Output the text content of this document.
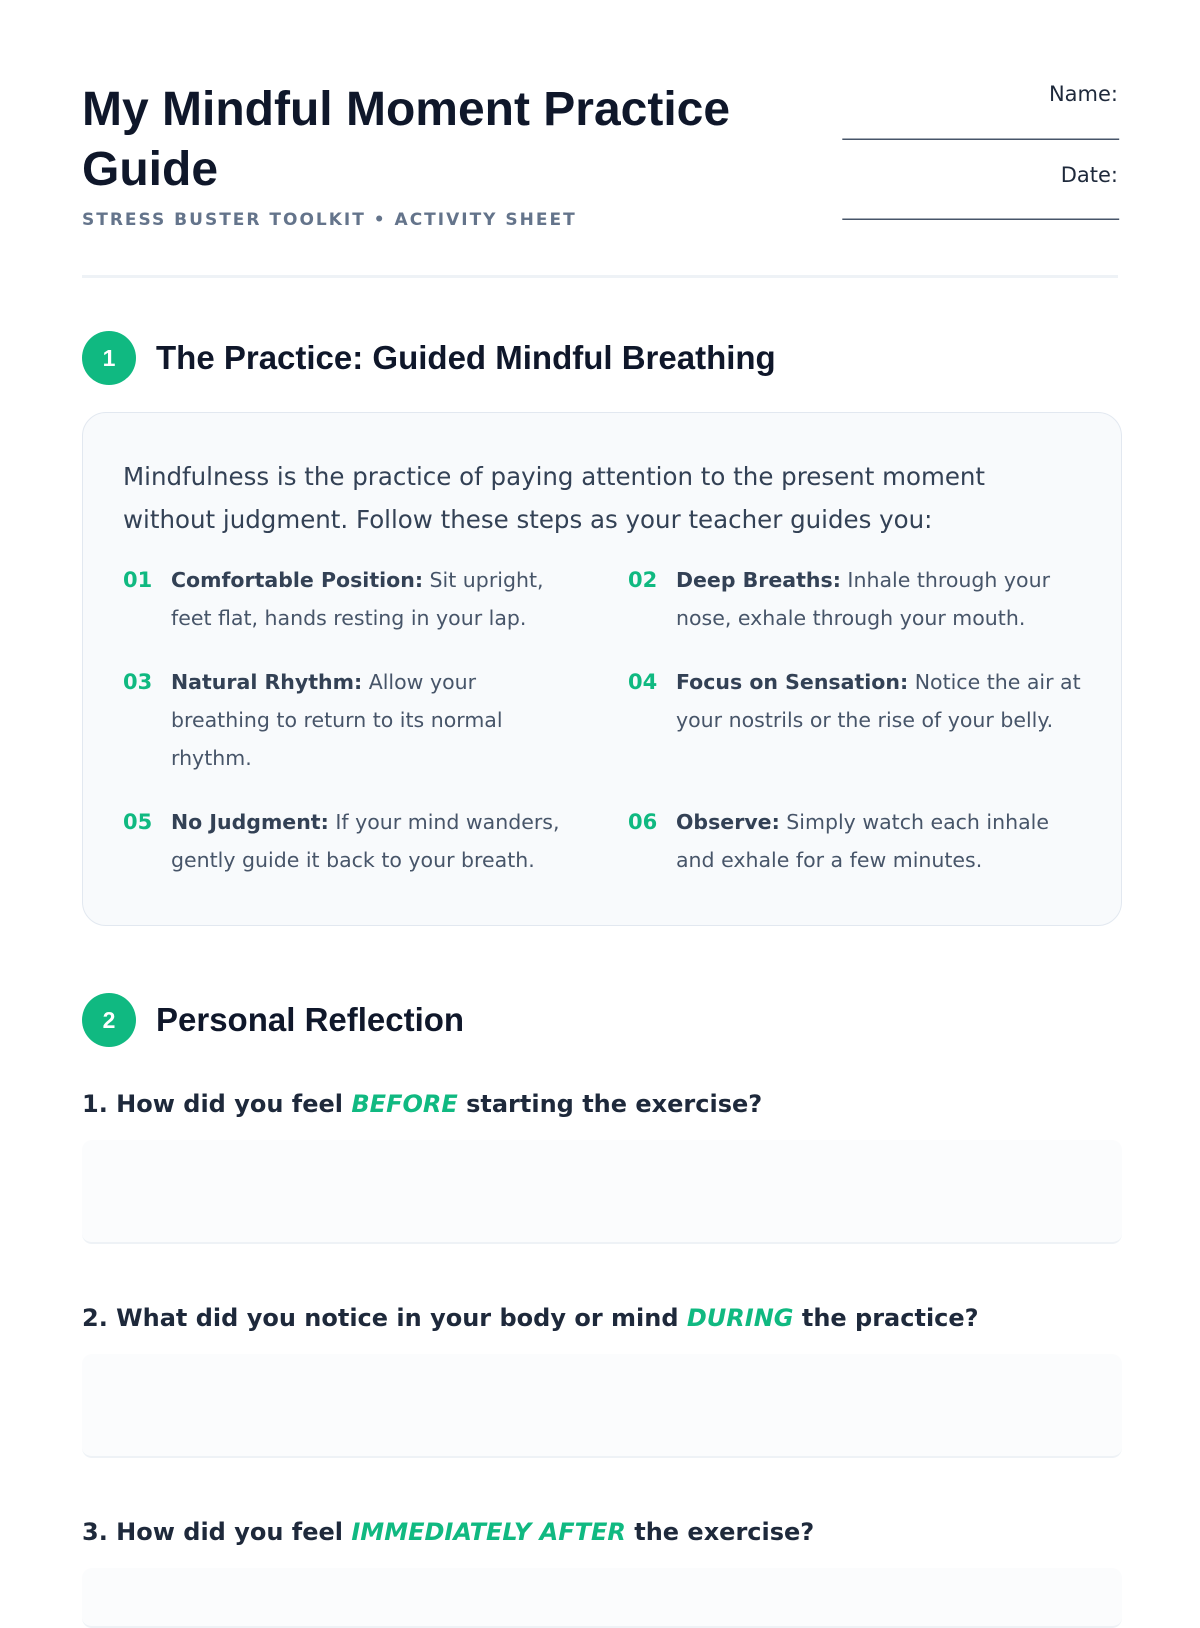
My Mindful Moment Practice Guide
STRESS BUSTER TOOLKIT • ACTIVITY SHEET
Name:
_____________________________
Date:
_____________________________
1	The Practice: Guided Mindful Breathing

Mindfulness is the practice of paying attention to the present moment without judgment. Follow these steps as your teacher guides you:

01 Comfortable Position: Sit upright, feet flat, hands resting in your lap.
02 Deep Breaths: Inhale through your nose, exhale through your mouth.
03 Natural Rhythm: Allow your breathing to return to its normal rhythm.
04 Focus on Sensation: Notice the air at your nostrils or the rise of your belly.
05 No Judgment: If your mind wanders, gently guide it back to your breath.
06 Observe: Simply watch each inhale and exhale for a few minutes.
2	Personal Reflection
1. How did you feel BEFORE starting the exercise?
2. What did you notice in your body or mind DURING the practice?
3. How did you feel IMMEDIATELY AFTER the exercise?
